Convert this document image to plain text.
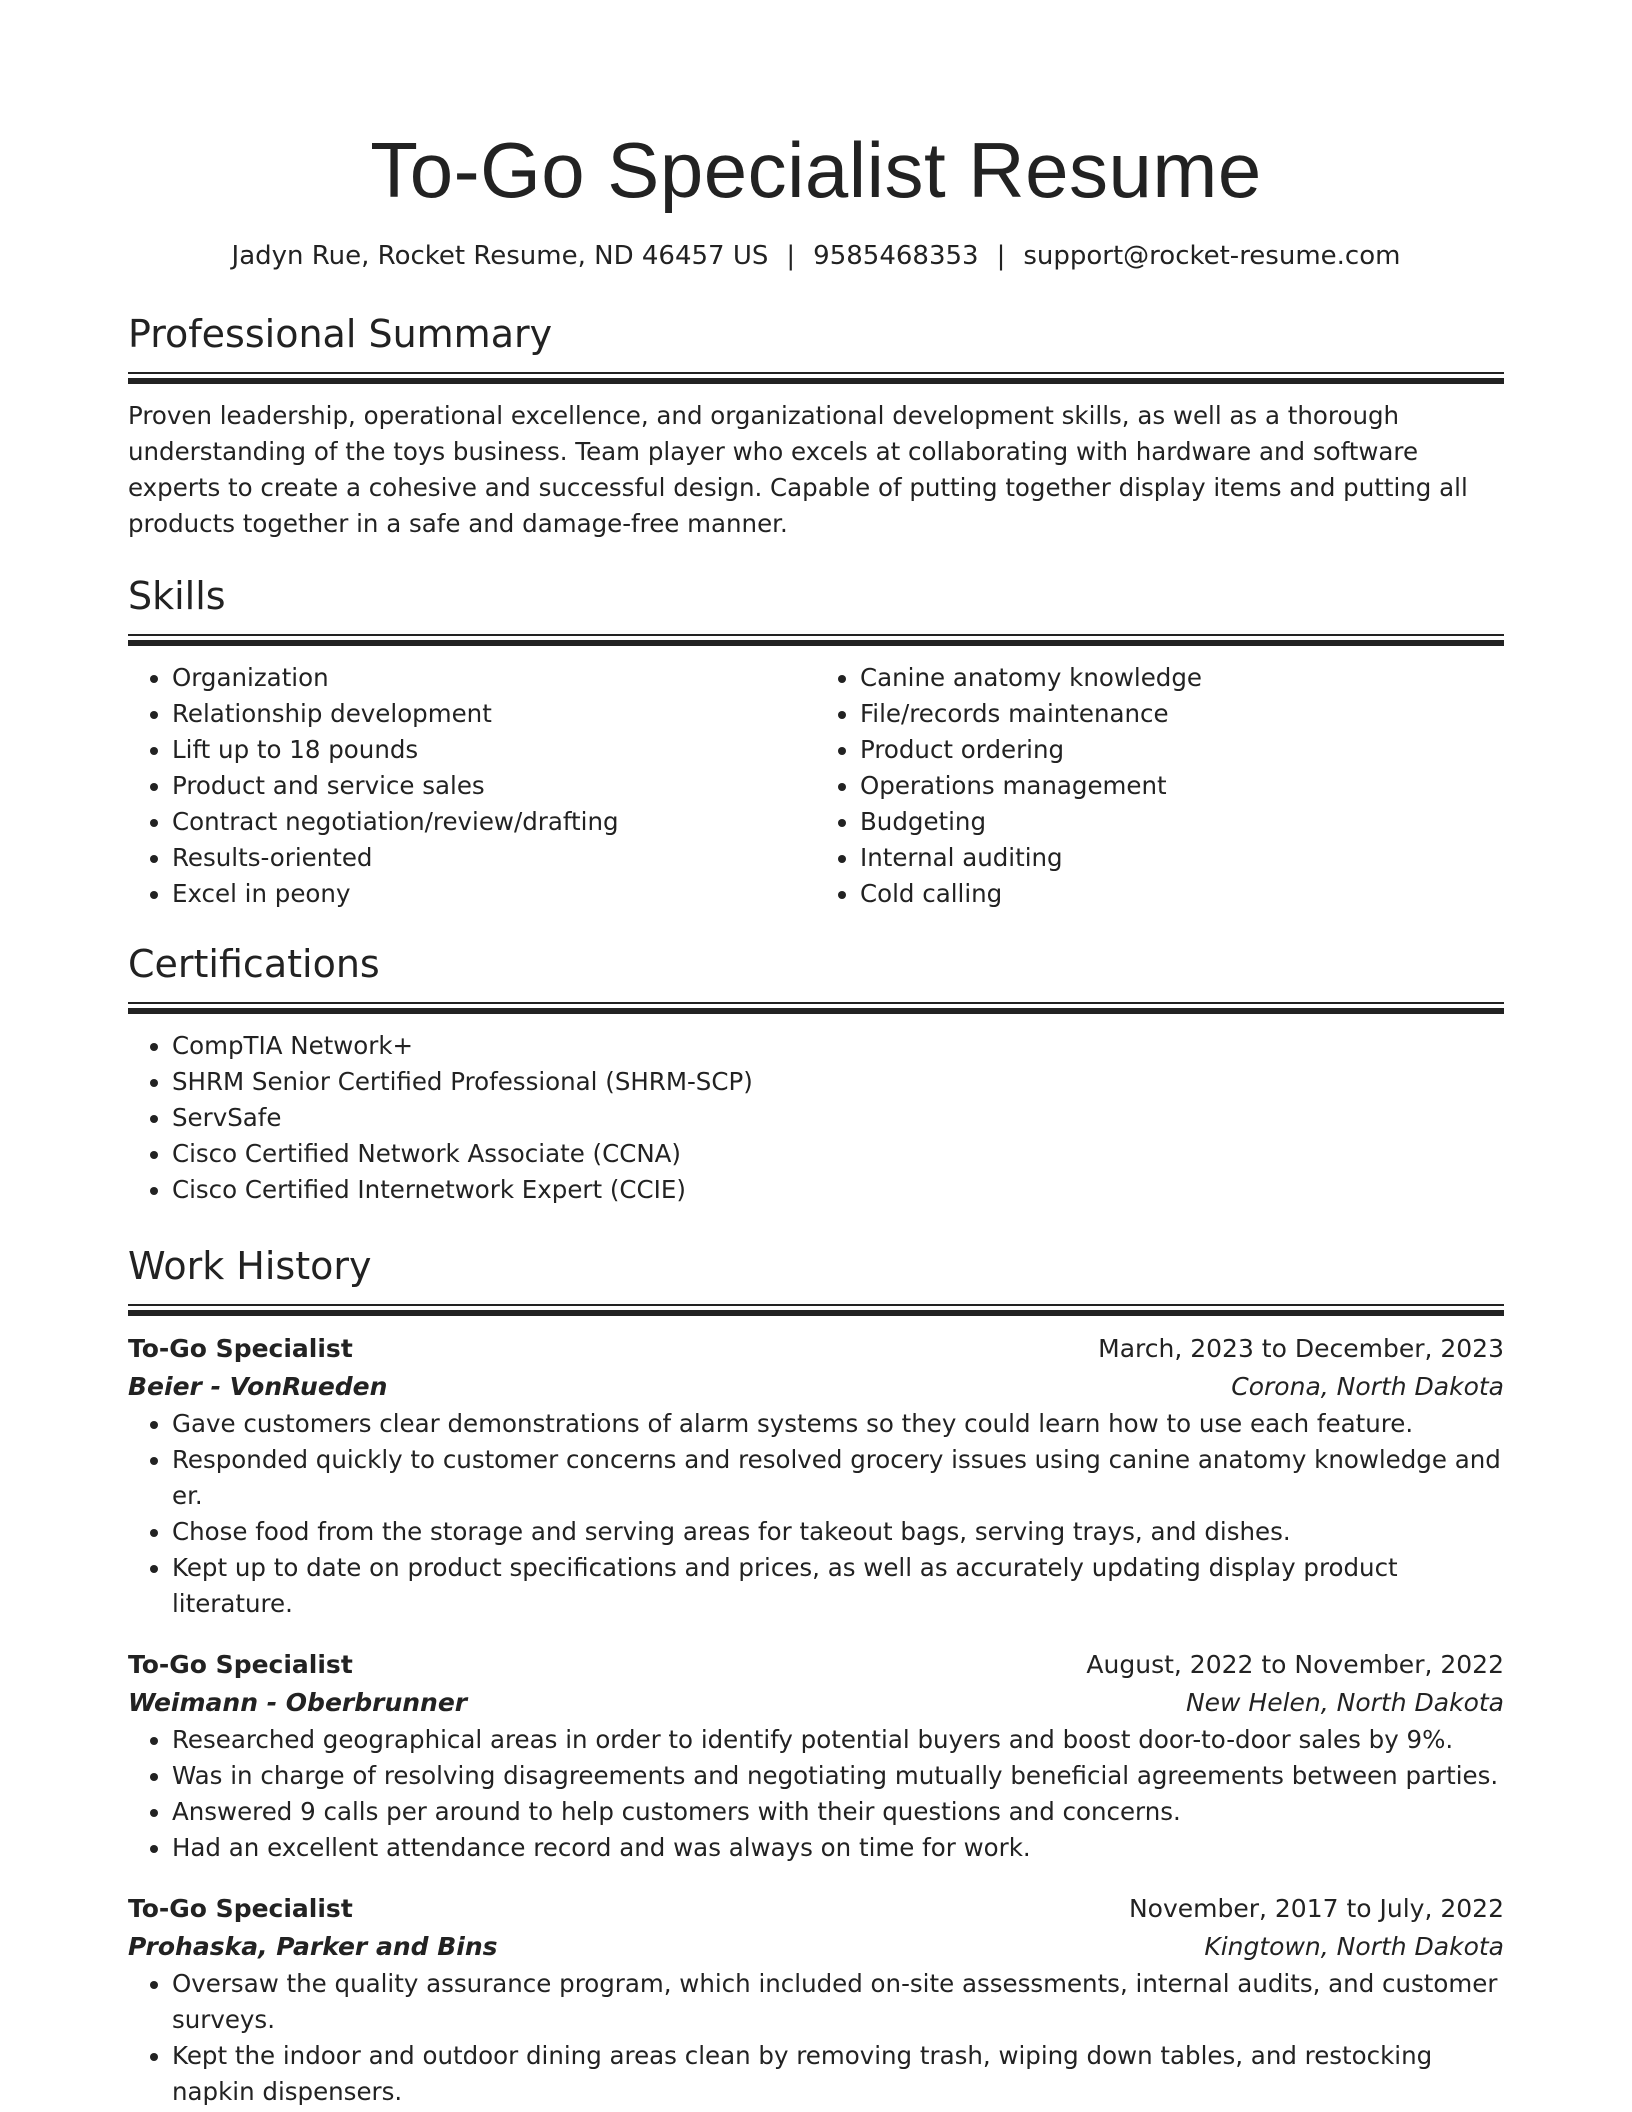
To-Go Specialist Resume
Jadyn Rue, Rocket Resume, ND 46457 US | 9585468353 | support@rocket-resume.com
Professional Summary

Proven leadership, operational excellence, and organizational development skills, as well as a thorough understanding of the toys business. Team player who excels at collaborating with hardware and software experts to create a cohesive and successful design. Capable of putting together display items and putting all products together in a safe and damage-free manner.

Skills
• Organization
• Relationship development
• Lift up to 18 pounds
• Product and service sales
• Contract negotiation/review/drafting
• Results-oriented
• Excel in peony
• Canine anatomy knowledge
• File/records maintenance
• Product ordering
• Operations management
• Budgeting
• Internal auditing
• Cold calling
Certifications
• CompTIA Network+
• SHRM Senior Certified Professional (SHRM-SCP)
• ServSafe
• Cisco Certified Network Associate (CCNA)
• Cisco Certified Internetwork Expert (CCIE)
Work History
To-Go Specialist	March, 2023 to December, 2023
Beier - VonRueden	Corona, North Dakota
• Gave customers clear demonstrations of alarm systems so they could learn how to use each feature.
• Responded quickly to customer concerns and resolved grocery issues using canine anatomy knowledge and er.
• Chose food from the storage and serving areas for takeout bags, serving trays, and dishes.
• Kept up to date on product specifications and prices, as well as accurately updating display product literature.
To-Go Specialist	August, 2022 to November, 2022
Weimann - Oberbrunner	New Helen, North Dakota
• Researched geographical areas in order to identify potential buyers and boost door-to-door sales by 9%.
• Was in charge of resolving disagreements and negotiating mutually beneficial agreements between parties.
• Answered 9 calls per around to help customers with their questions and concerns.
• Had an excellent attendance record and was always on time for work.
To-Go Specialist	November, 2017 to July, 2022
Prohaska, Parker and Bins	Kingtown, North Dakota
• Oversaw the quality assurance program, which included on-site assessments, internal audits, and customer surveys.
• Kept the indoor and outdoor dining areas clean by removing trash, wiping down tables, and restocking napkin dispensers.
